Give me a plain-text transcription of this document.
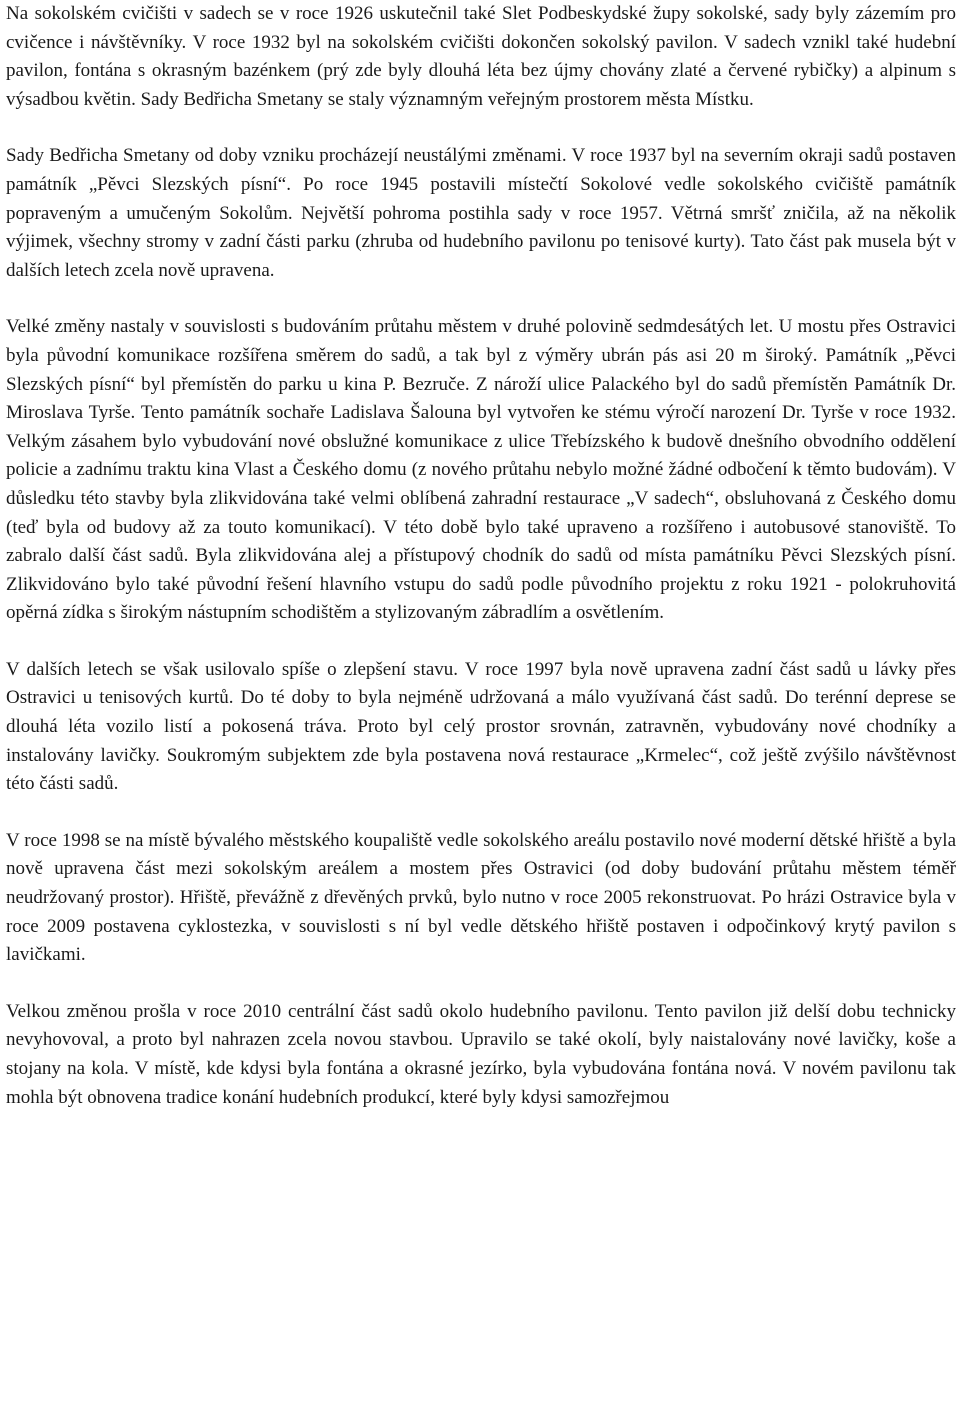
Na sokolském cvičišti v sadech se v roce 1926 uskutečnil také Slet Podbeskydské župy sokolské, sady byly zázemím pro cvičence i návštěvníky. V roce 1932 byl na sokolském cvičišti dokončen sokolský pavilon. V sadech vznikl také hudební pavilon, fontána s okrasným bazénkem (prý zde byly dlouhá léta bez újmy chovány zlaté a červené rybičky) a alpinum s výsadbou květin. Sady Bedřicha Smetany se staly významným veřejným prostorem města Místku.

Sady Bedřicha Smetany od doby vzniku procházejí neustálými změnami. V roce 1937 byl na severním okraji sadů postaven památník „Pěvci Slezských písní“. Po roce 1945 postavili místečtí Sokolové vedle sokolského cvičiště památník popraveným a umučeným Sokolům. Největší pohroma postihla sady v roce 1957. Větrná smršť zničila, až na několik výjimek, všechny stromy v zadní části parku (zhruba od hudebního pavilonu po tenisové kurty). Tato část pak musela být v dalších letech zcela nově upravena.

Velké změny nastaly v souvislosti s budováním průtahu městem v druhé polovině sedmdesátých let. U mostu přes Ostravici byla původní komunikace rozšířena směrem do sadů, a tak byl z výměry ubrán pás asi 20 m široký. Památník „Pěvci Slezských písní“ byl přemístěn do parku u kina P. Bezruče. Z nároží ulice Palackého byl do sadů přemístěn Památník Dr. Miroslava Tyrše. Tento památník sochaře Ladislava Šalouna byl vytvořen ke stému výročí narození Dr. Tyrše v roce 1932. Velkým zásahem bylo vybudování nové obslužné komunikace z ulice Třebízského k budově dnešního obvodního oddělení policie a zadnímu traktu kina Vlast a Českého domu (z nového průtahu nebylo možné žádné odbočení k těmto budovám). V důsledku této stavby byla zlikvidována také velmi oblíbená zahradní restaurace „V sadech“, obsluhovaná z Českého domu (teď byla od budovy až za touto komunikací). V této době bylo také upraveno a rozšířeno i autobusové stanoviště. To zabralo další část sadů. Byla zlikvidována alej a přístupový chodník do sadů od místa památníku Pěvci Slezských písní. Zlikvidováno bylo také původní řešení hlavního vstupu do sadů podle původního projektu z roku 1921 - polokruhovitá opěrná zídka s širokým nástupním schodištěm a stylizovaným zábradlím a osvětlením.

V dalších letech se však usilovalo spíše o zlepšení stavu. V roce 1997 byla nově upravena zadní část sadů u lávky přes Ostravici u tenisových kurtů. Do té doby to byla nejméně udržovaná a málo využívaná část sadů. Do terénní deprese se dlouhá léta vozilo listí a pokosená tráva. Proto byl celý prostor srovnán, zatravněn, vybudovány nové chodníky a instalovány lavičky. Soukromým subjektem zde byla postavena nová restaurace „Krmelec“, což ještě zvýšilo návštěvnost této části sadů.

V roce 1998 se na místě bývalého městského koupaliště vedle sokolského areálu postavilo nové moderní dětské hřiště a byla nově upravena část mezi sokolským areálem a mostem přes Ostravici (od doby budování průtahu městem téměř neudržovaný prostor). Hřiště, převážně z dřevěných prvků, bylo nutno v roce 2005 rekonstruovat. Po hrázi Ostravice byla v roce 2009 postavena cyklostezka, v souvislosti s ní byl vedle dětského hřiště postaven i odpočinkový krytý pavilon s lavičkami.

Velkou změnou prošla v roce 2010 centrální část sadů okolo hudebního pavilonu. Tento pavilon již delší dobu technicky nevyhovoval, a proto byl nahrazen zcela novou stavbou. Upravilo se také okolí, byly naistalovány nové lavičky, koše a stojany na kola. V místě, kde kdysi byla fontána a okrasné jezírko, byla vybudována fontána nová. V novém pavilonu tak mohla být obnovena tradice konání hudebních produkcí, které byly kdysi samozřejmou
